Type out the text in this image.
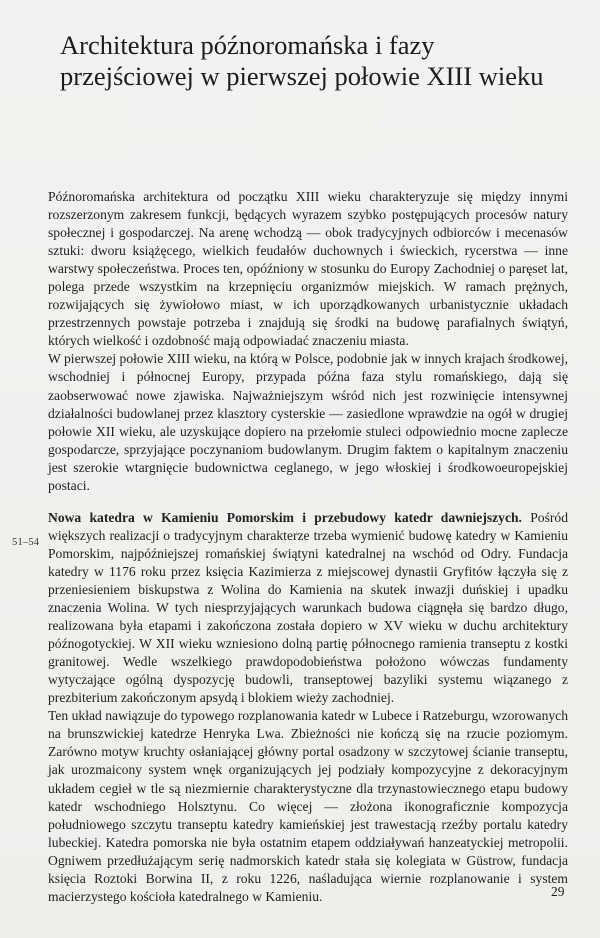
Architektura późnoromańska i fazy
przejściowej w pierwszej połowie XIII wieku

Późnoromańska architektura od początku XIII wieku charakteryzuje się między innymi rozszerzonym zakresem funkcji, będących wyrazem szybko postępujących procesów natury społecznej i gospodarczej. Na arenę wchodzą — obok tradycyjnych odbiorców i mecenasów sztuki: dworu książęcego, wielkich feudałów duchownych i świeckich, rycerstwa — inne warstwy społeczeństwa. Proces ten, opóźniony w stosunku do Europy Zachodniej o paręset lat, polega przede wszystkim na krzepnięciu organizmów miejskich. W ramach prężnych, rozwijających się żywiołowo miast, w ich uporządkowanych urbanistycznie układach przestrzennych powstaje potrzeba i znajdują się środki na budowę parafialnych świątyń, których wielkość i ozdobność mają odpowiadać znaczeniu miasta.

W pierwszej połowie XIII wieku, na którą w Polsce, podobnie jak w innych krajach środkowej, wschodniej i północnej Europy, przypada późna faza stylu romańskiego, dają się zaobserwować nowe zjawiska. Najważniejszym wśród nich jest rozwinięcie intensywnej działalności budowlanej przez klasztory cysterskie — zasiedlone wprawdzie na ogół w drugiej połowie XII wieku, ale uzyskujące dopiero na przełomie stuleci odpowiednio mocne zaplecze gospodarcze, sprzyjające poczynaniom budowlanym. Drugim faktem o kapitalnym znaczeniu jest szerokie wtargnięcie budownictwa ceglanego, w jego włoskiej i środkowoeuropejskiej postaci.

Nowa katedra w Kamieniu Pomorskim i przebudowy katedr dawniejszych. Pośród większych realizacji o tradycyjnym charakterze trzeba wymienić budowę katedry w Kamieniu Pomorskim, najpóźniejszej romańskiej świątyni katedralnej na wschód od Odry. Fundacja katedry w 1176 roku przez księcia Kazimierza z miejscowej dynastii Gryfitów łączyła się z przeniesieniem biskupstwa z Wolina do Kamienia na skutek inwazji duńskiej i upadku znaczenia Wolina. W tych niesprzyjających warunkach budowa ciągnęła się bardzo długo, realizowana była etapami i zakończona została dopiero w XV wieku w duchu architektury późnogotyckiej. W XII wieku wzniesiono dolną partię północnego ramienia transeptu z kostki granitowej. Wedle wszelkiego prawdopodobieństwa położono wówczas fundamenty wytyczające ogólną dyspozycję budowli, transeptowej bazyliki systemu wiązanego z prezbiterium zakończonym apsydą i blokiem wieży zachodniej.

Ten układ nawiązuje do typowego rozplanowania katedr w Lubece i Ratzeburgu, wzorowanych na brunszwickiej katedrze Henryka Lwa. Zbieżności nie kończą się na rzucie poziomym. Zarówno motyw kruchty osłaniającej główny portal osadzony w szczytowej ścianie transeptu, jak urozmaicony system wnęk organizujących jej podziały kompozycyjne z dekoracyjnym układem cegieł w tle są niezmiernie charakterystyczne dla trzynastowiecznego etapu budowy katedr wschodniego Holsztynu. Co więcej — złożona ikonograficznie kompozycja południowego szczytu transeptu katedry kamieńskiej jest trawestacją rzeźby portalu katedry lubeckiej. Katedra pomorska nie była ostatnim etapem oddziaływań hanzeatyckiej metropolii. Ogniwem przedłużającym serię nadmorskich katedr stała się kolegiata w Güstrow, fundacja księcia Roztoki Borwina II, z roku 1226, naśladująca wiernie rozplanowanie i system macierzystego kościoła katedralnego w Kamieniu.

51–54
29
